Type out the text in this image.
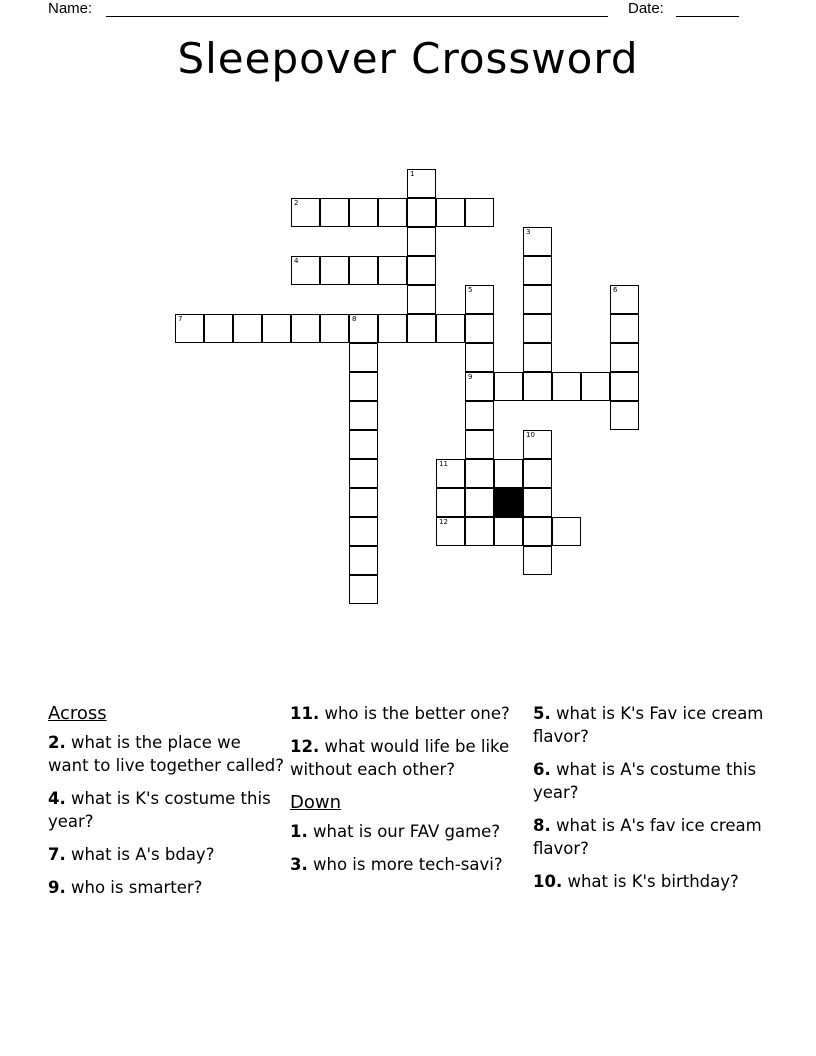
Name:	Date:
Sleepover Crossword
1
2
3
4
5	6
7	8
9
10
11
12
Across
2. what is the place we want to live together called?
4. what is K's costume this year?
7. what is A's bday?
9. who is smarter?
11. who is the better one?
12. what would life be like without each other?
Down
1. what is our FAV game?
3. who is more tech-savi?
5. what is K's Fav ice cream flavor?
6. what is A's costume this year?
8. what is A's fav ice cream flavor?
10. what is K's birthday?
